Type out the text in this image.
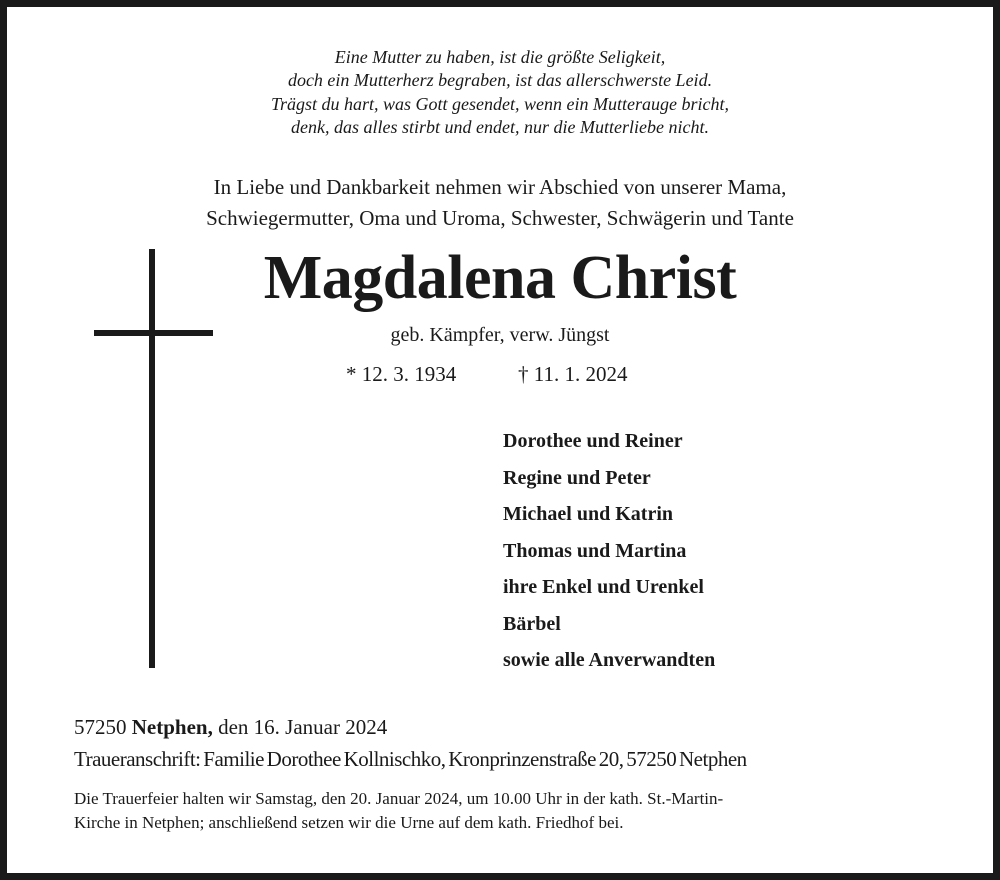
Eine Mutter zu haben, ist die größte Seligkeit,
doch ein Mutterherz begraben, ist das allerschwerste Leid.
Trägst du hart, was Gott gesendet, wenn ein Mutterauge bricht,
denk, das alles stirbt und endet, nur die Mutterliebe nicht.
In Liebe und Dankbarkeit nehmen wir Abschied von unserer Mama,
Schwiegermutter, Oma und Uroma, Schwester, Schwägerin und Tante
Magdalena Christ
geb. Kämpfer, verw. Jüngst
* 12. 3. 1934	† 11. 1. 2024
Dorothee und Reiner
Regine und Peter
Michael und Katrin
Thomas und Martina
ihre Enkel und Urenkel
Bärbel
sowie alle Anverwandten
57250 Netphen, den 16. Januar 2024
Traueranschrift: Familie Dorothee Kollnischko, Kronprinzenstraße 20, 57250 Netphen
Die Trauerfeier halten wir Samstag, den 20. Januar 2024, um 10.00 Uhr in der kath. St.-Martin-
Kirche in Netphen; anschließend setzen wir die Urne auf dem kath. Friedhof bei.
